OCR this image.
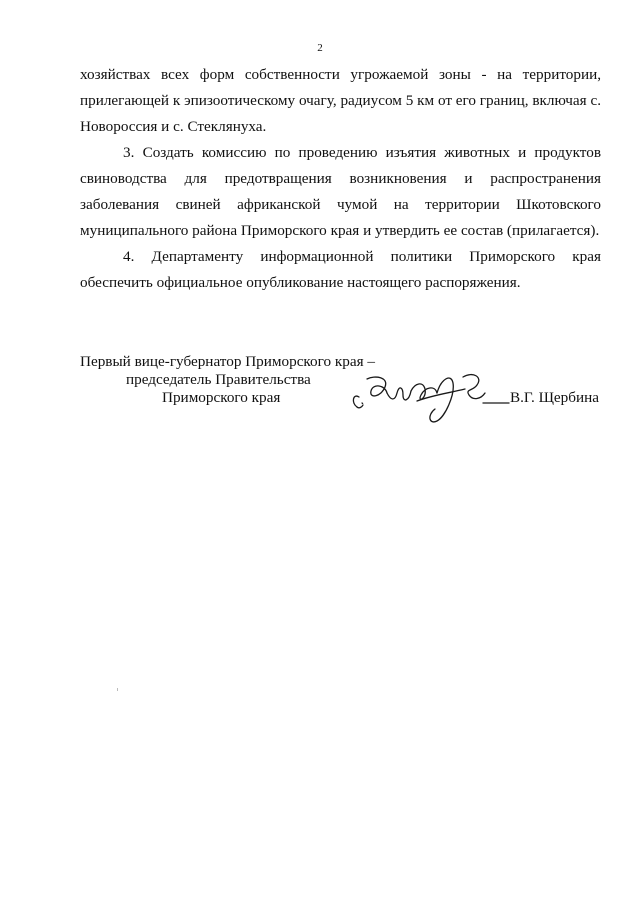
2

хозяйствах всех форм собственности угрожаемой зоны - на территории, прилегающей к эпизоотическому очагу, радиусом 5 км от его границ, включая с. Новороссия и с. Стеклянуха.

3. Создать комиссию по проведению изъятия животных и продуктов свиноводства для предотвращения возникновения и распространения заболевания свиней африканской чумой на территории Шкотовского муниципального района Приморского края и утвердить ее состав (прилагается).

4. Департаменту информационной политики Приморского края обеспечить официальное опубликование настоящего распоряжения.

Первый вице-губернатор Приморского края –
председатель Правительства
Приморского края	В.Г. Щербина
